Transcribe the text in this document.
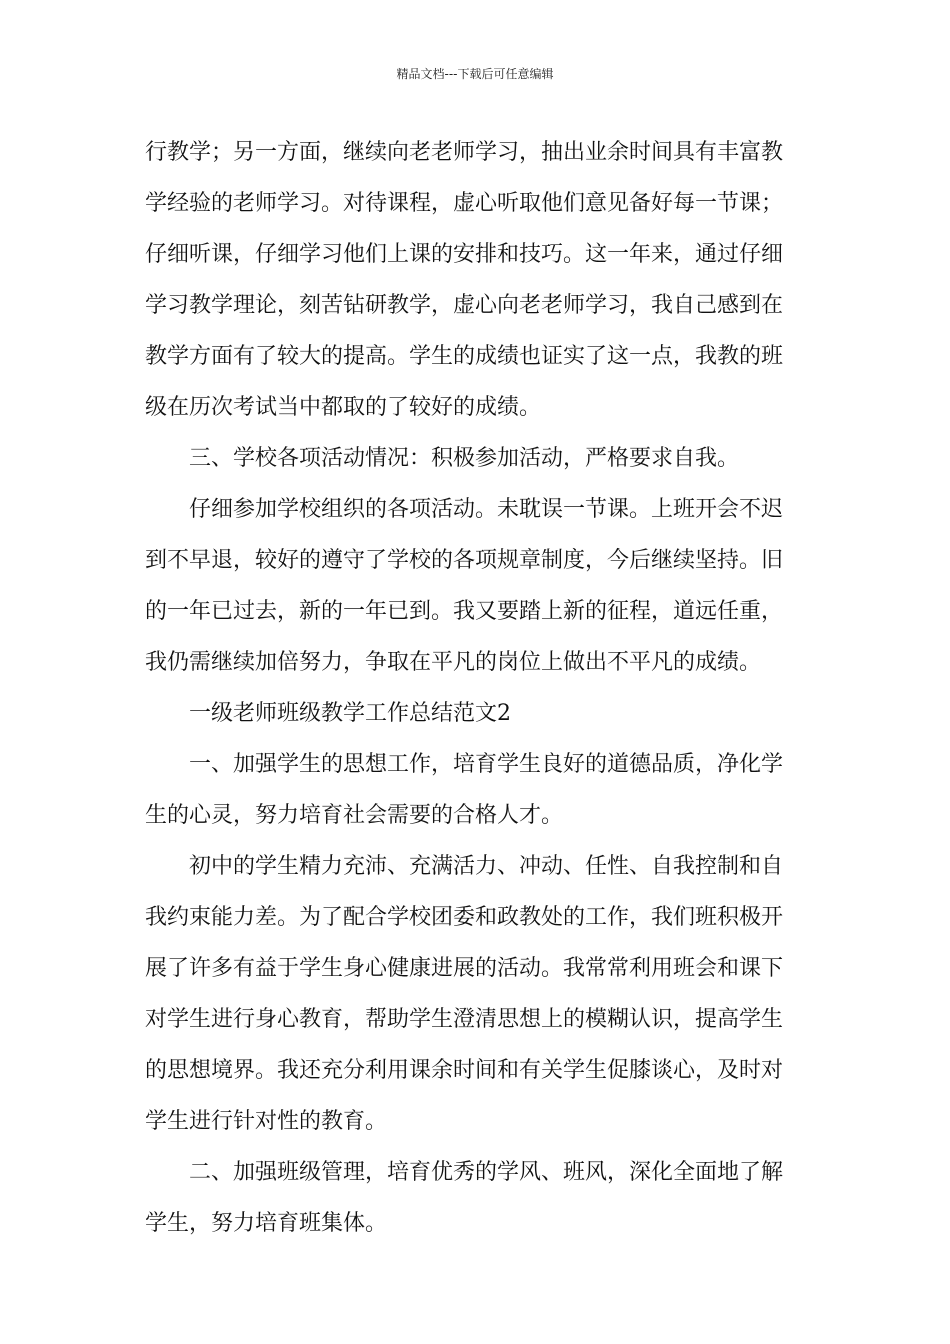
精品文档---下载后可任意编辑
行教学；另一方面，继续向老老师学习，抽出业余时间具有丰富教
学经验的老师学习。对待课程，虚心听取他们意见备好每一节课；
仔细听课，仔细学习他们上课的安排和技巧。这一年来，通过仔细
学习教学理论，刻苦钻研教学，虚心向老老师学习，我自己感到在
教学方面有了较大的提高。学生的成绩也证实了这一点，我教的班
级在历次考试当中都取的了较好的成绩。
三、学校各项活动情况：积极参加活动，严格要求自我。
仔细参加学校组织的各项活动。未耽误一节课。上班开会不迟
到不早退，较好的遵守了学校的各项规章制度，今后继续坚持。旧
的一年已过去，新的一年已到。我又要踏上新的征程，道远任重，
我仍需继续加倍努力，争取在平凡的岗位上做出不平凡的成绩。
一级老师班级教学工作总结范文2
一、加强学生的思想工作，培育学生良好的道德品质，净化学
生的心灵，努力培育社会需要的合格人才。
初中的学生精力充沛、充满活力、冲动、任性、自我控制和自
我约束能力差。为了配合学校团委和政教处的工作，我们班积极开
展了许多有益于学生身心健康进展的活动。我常常利用班会和课下
对学生进行身心教育，帮助学生澄清思想上的模糊认识，提高学生
的思想境界。我还充分利用课余时间和有关学生促膝谈心，及时对
学生进行针对性的教育。
二、加强班级管理，培育优秀的学风、班风，深化全面地了解
学生，努力培育班集体。
